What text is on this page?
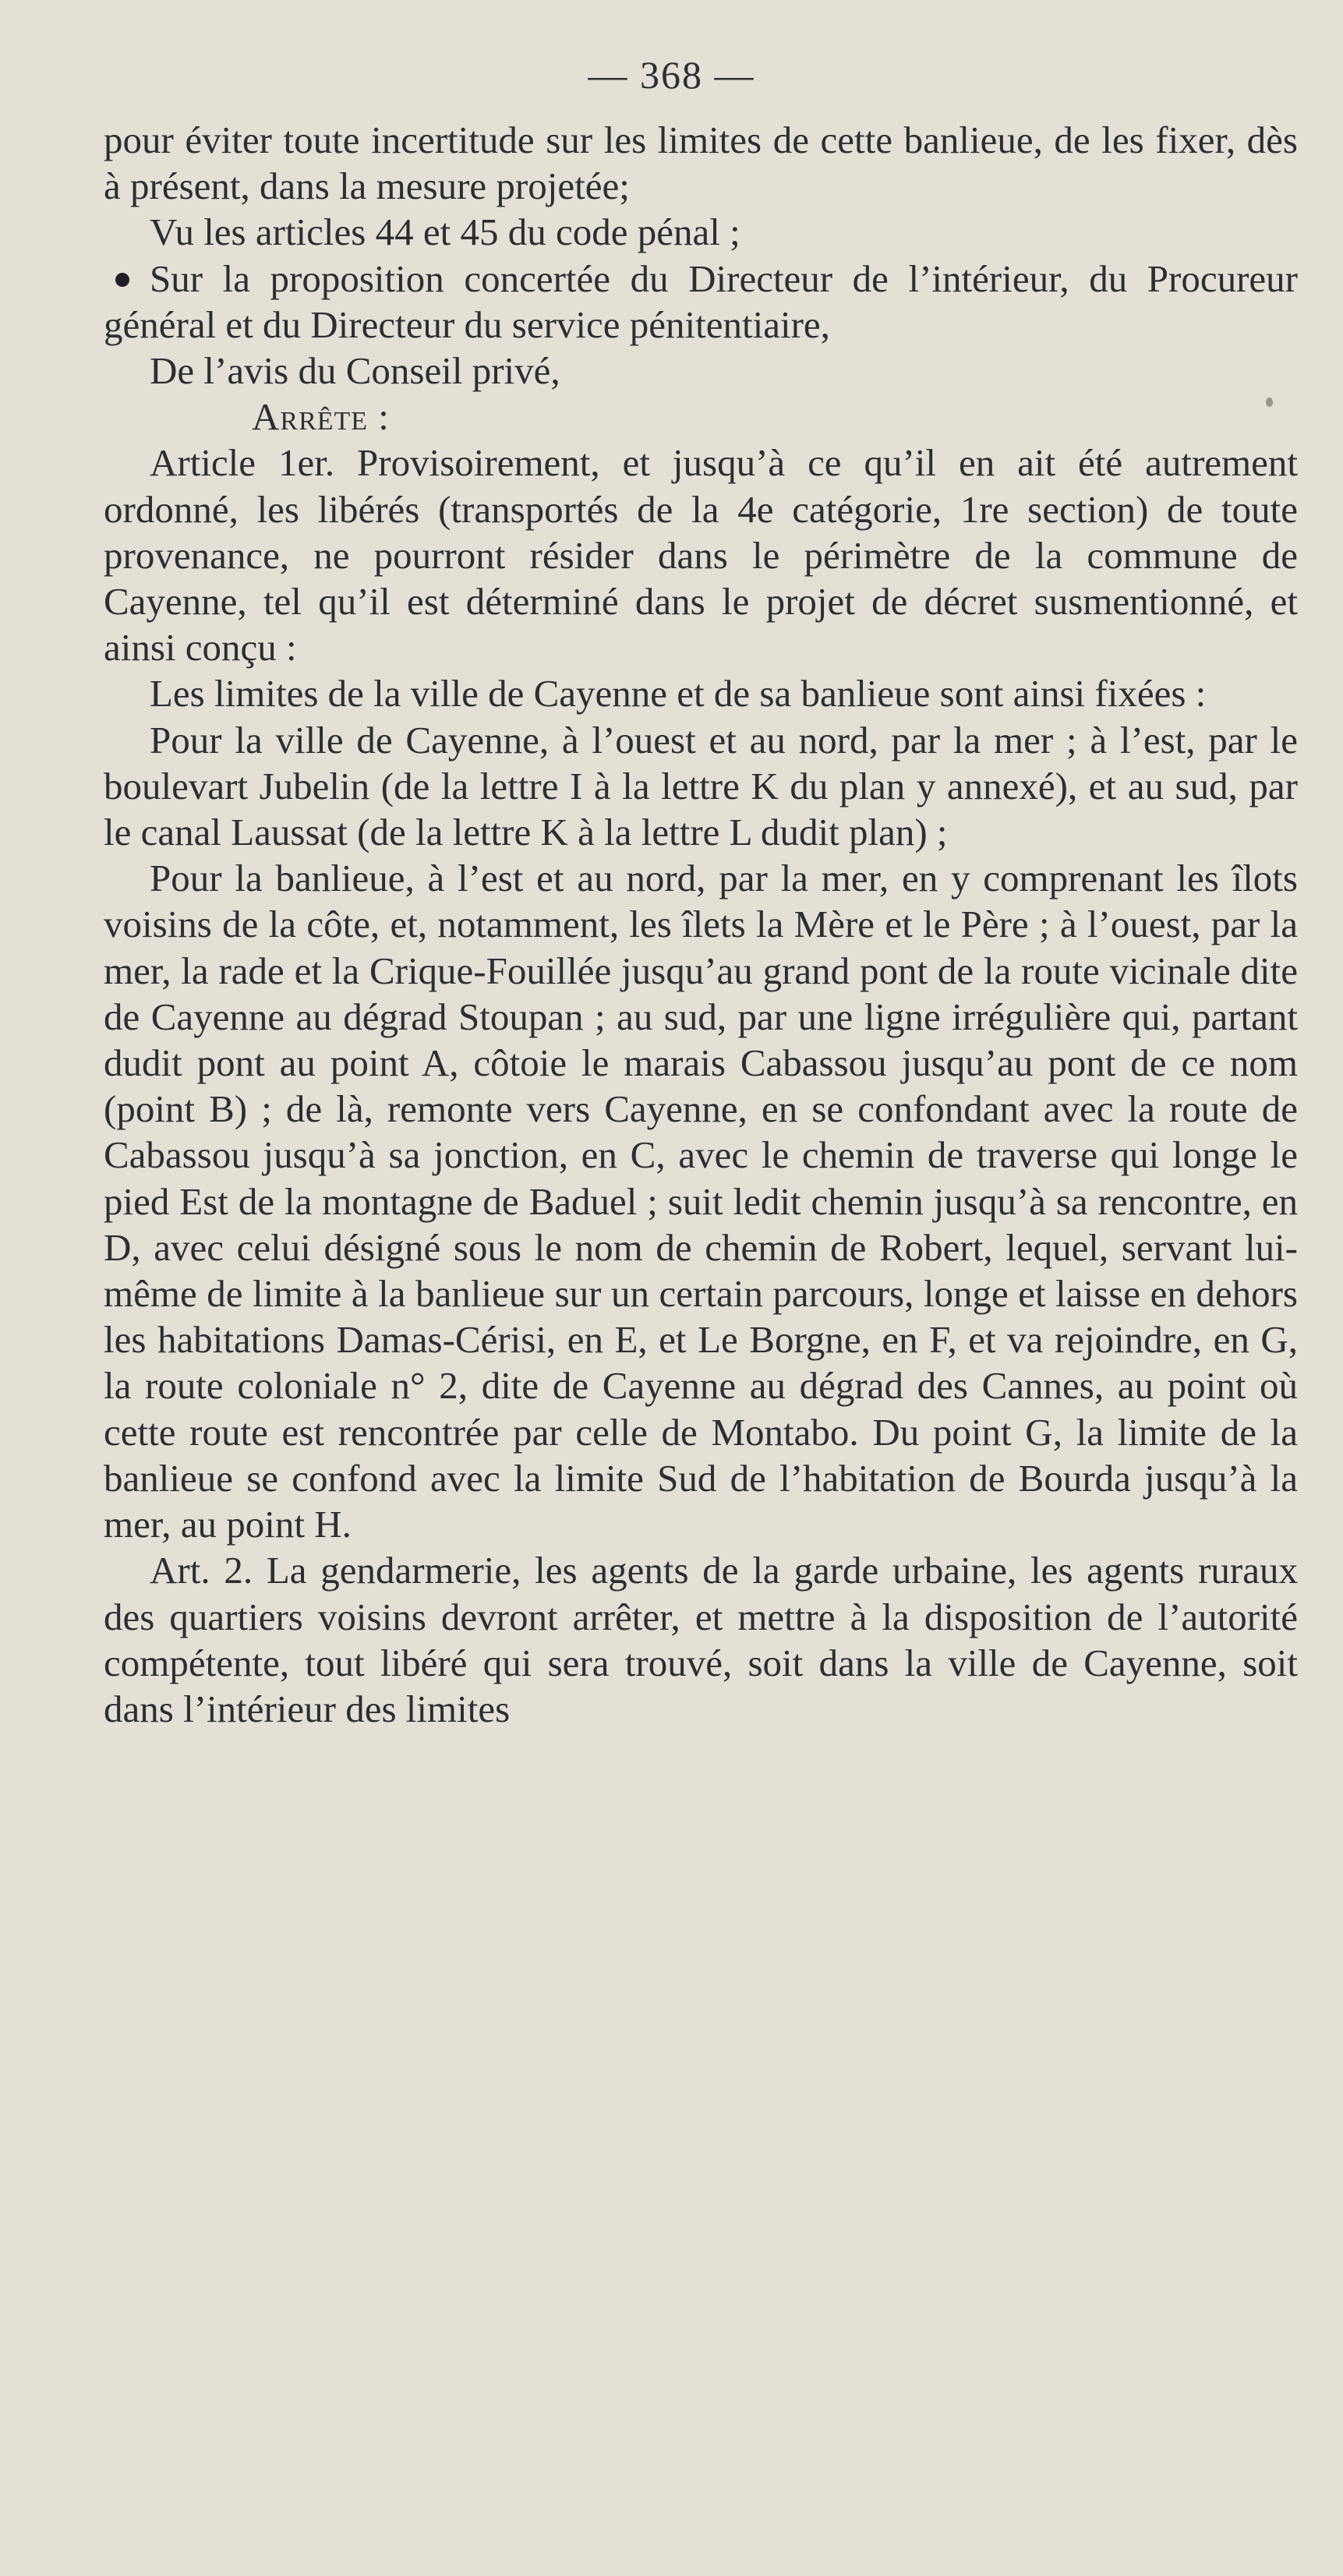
— 368 —

pour éviter toute incertitude sur les limites de cette banlieue, de les fixer, dès à présent, dans la mesure projetée;

Vu les articles 44 et 45 du code pénal ;

Sur la proposition concertée du Directeur de l’intérieur, du Procureur général et du Directeur du service pénitentiaire,

De l’avis du Conseil privé,

Arrête :

Article 1er. Provisoirement, et jusqu’à ce qu’il en ait été autrement ordonné, les libérés (transportés de la 4e catégorie, 1re section) de toute provenance, ne pourront résider dans le périmètre de la commune de Cayenne, tel qu’il est déterminé dans le projet de décret susmentionné, et ainsi conçu :

Les limites de la ville de Cayenne et de sa banlieue sont ainsi fixées :

Pour la ville de Cayenne, à l’ouest et au nord, par la mer ; à l’est, par le boulevart Jubelin (de la lettre I à la lettre K du plan y annexé), et au sud, par le canal Laussat (de la lettre K à la lettre L dudit plan) ;

Pour la banlieue, à l’est et au nord, par la mer, en y comprenant les îlots voisins de la côte, et, notamment, les îlets la Mère et le Père ; à l’ouest, par la mer, la rade et la Crique-Fouillée jusqu’au grand pont de la route vicinale dite de Cayenne au dégrad Stoupan ; au sud, par une ligne irrégulière qui, partant dudit pont au point A, côtoie le marais Cabassou jusqu’au pont de ce nom (point B) ; de là, remonte vers Cayenne, en se confondant avec la route de Cabassou jusqu’à sa jonction, en C, avec le chemin de traverse qui longe le pied Est de la montagne de Baduel ; suit ledit chemin jusqu’à sa rencontre, en D, avec celui désigné sous le nom de chemin de Robert, lequel, servant lui-même de limite à la banlieue sur un certain parcours, longe et laisse en dehors les habitations Damas-Cérisi, en E, et Le Borgne, en F, et va rejoindre, en G, la route coloniale n° 2, dite de Cayenne au dégrad des Cannes, au point où cette route est rencontrée par celle de Montabo. Du point G, la limite de la banlieue se confond avec la limite Sud de l’habitation de Bourda jusqu’à la mer, au point H.

Art. 2. La gendarmerie, les agents de la garde urbaine, les agents ruraux des quartiers voisins devront arrêter, et mettre à la disposition de l’autorité compétente, tout libéré qui sera trouvé, soit dans la ville de Cayenne, soit dans l’intérieur des limites
